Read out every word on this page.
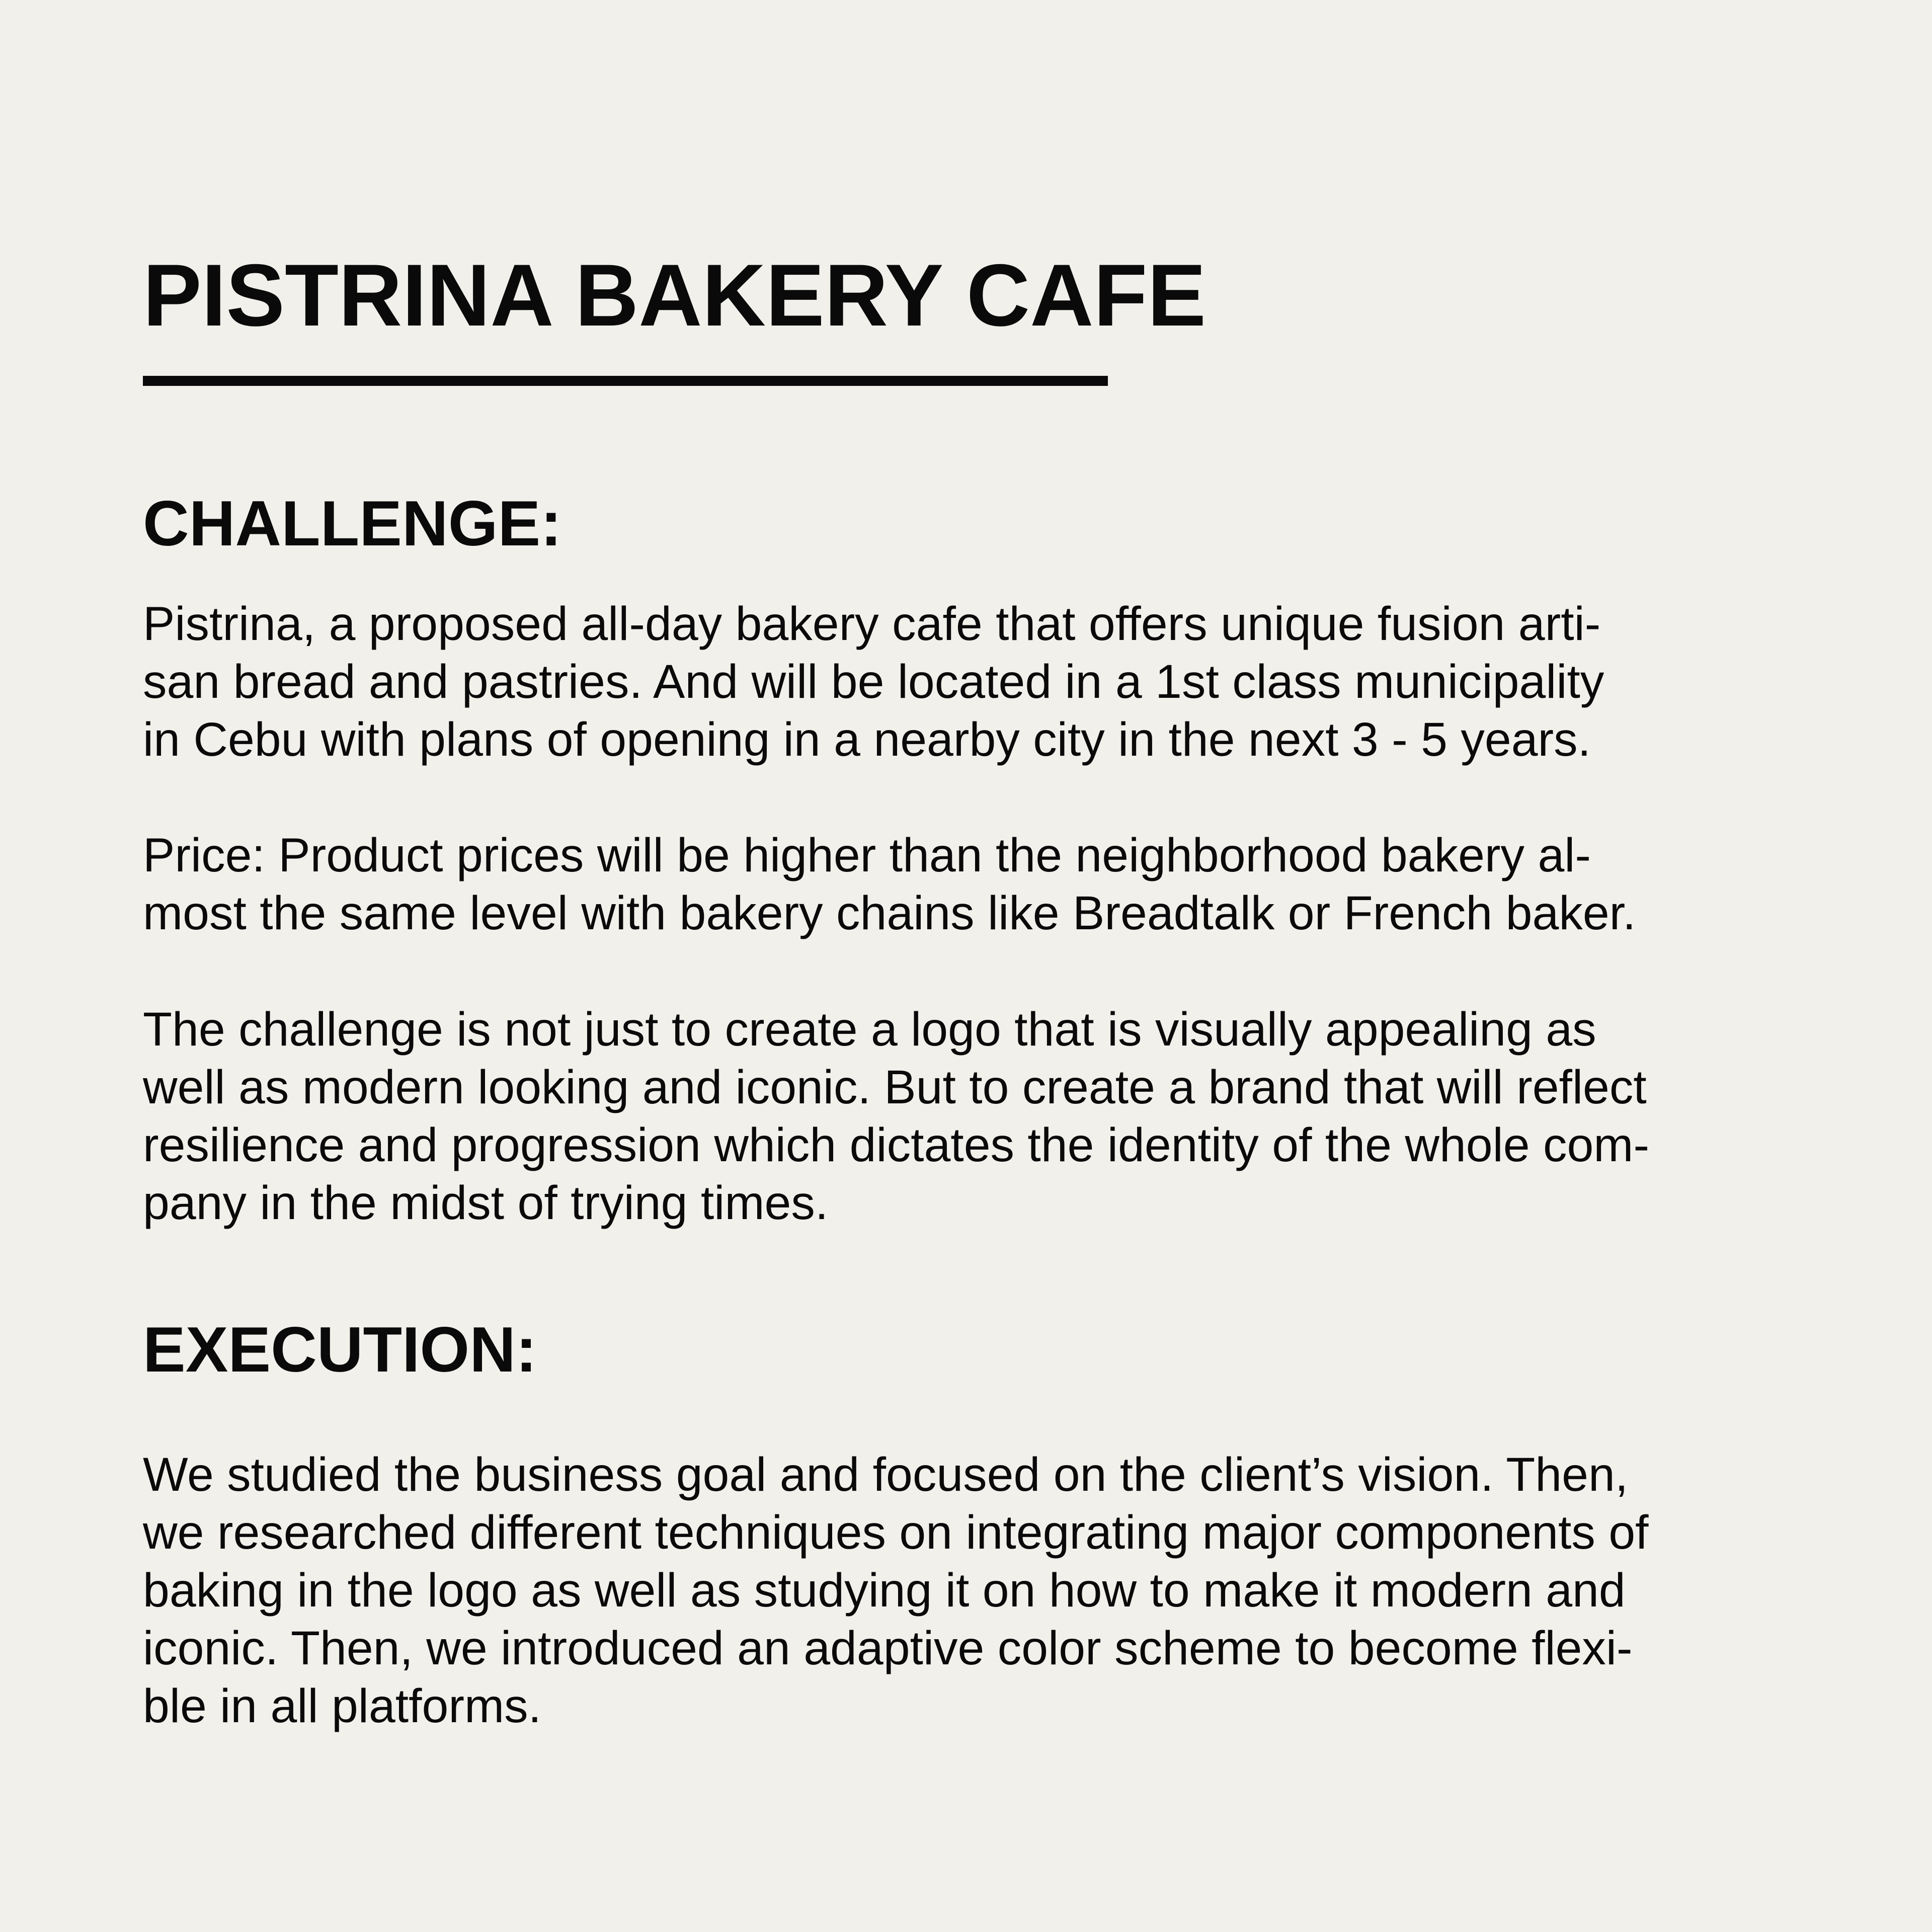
PISTRINA BAKERY CAFE
CHALLENGE:

Pistrina, a proposed all-day bakery cafe that offers unique fusion arti-
san bread and pastries. And will be located in a 1st class municipality
in Cebu with plans of opening in a nearby city in the next 3 - 5 years.

Price: Product prices will be higher than the neighborhood bakery al-
most the same level with bakery chains like Breadtalk or French baker.

The challenge is not just to create a logo that is visually appealing as
well as modern looking and iconic. But to create a brand that will reflect
resilience and progression which dictates the identity of the whole com-
pany in the midst of trying times.

EXECUTION:

We studied the business goal and focused on the client’s vision. Then,
we researched different techniques on integrating major components of
baking in the logo as well as studying it on how to make it modern and
iconic. Then, we introduced an adaptive color scheme to become flexi-
ble in all platforms.
